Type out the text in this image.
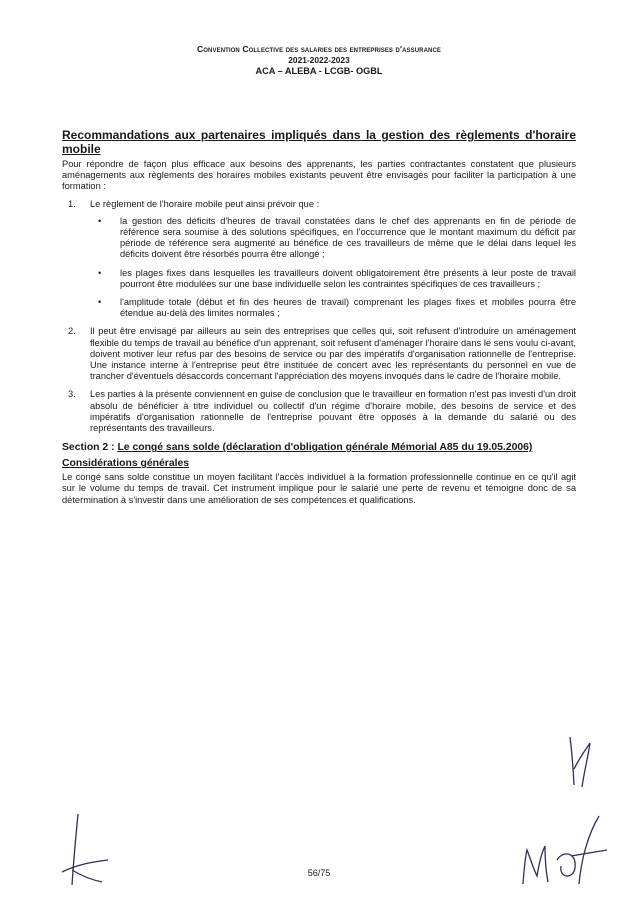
Convention Collective des salaries des entreprises d'assurance
2021-2022-2023
ACA – ALEBA - LCGB- OGBL
Recommandations aux partenaires impliqués dans la gestion des règlements d'horaire mobile

Pour répondre de façon plus efficace aux besoins des apprenants, les parties contractantes constatent que plusieurs aménagements aux règlements des horaires mobiles existants peuvent être envisagés pour faciliter la participation à une formation :

1. Le règlement de l'horaire mobile peut ainsi prévoir que :

• la gestion des déficits d'heures de travail constatées dans le chef des apprenants en fin de période de référence sera soumise à des solutions spécifiques, en l'occurrence que le montant maximum du déficit par période de référence sera augmenté au bénéfice de ces travailleurs de même que le délai dans lequel les déficits doivent être résorbés pourra être allongé ;

• les plages fixes dans lesquelles les travailleurs doivent obligatoirement être présents à leur poste de travail pourront être modulées sur une base individuelle selon les contraintes spécifiques de ces travailleurs ;

• l'amplitude totale (début et fin des heures de travail) comprenant les plages fixes et mobiles pourra être étendue au-delà des limites normales ;

2. Il peut être envisagé par ailleurs au sein des entreprises que celles qui, soit refusent d'introduire un aménagement flexible du temps de travail au bénéfice d'un apprenant, soit refusent d'aménager l'horaire dans le sens voulu ci-avant, doivent motiver leur refus par des besoins de service ou par des impératifs d'organisation rationnelle de l'entreprise. Une instance interne à l'entreprise peut être instituée de concert avec les représentants du personnel en vue de trancher d'éventuels désaccords concernant l'appréciation des moyens invoqués dans le cadre de l'horaire mobile.

3. Les parties à la présente conviennent en guise de conclusion que le travailleur en formation n'est pas investi d'un droit absolu de bénéficier à titre individuel ou collectif d'un régime d'horaire mobile, des besoins de service et des impératifs d'organisation rationnelle de l'entreprise pouvant être opposés à la demande du salarié ou des représentants des travailleurs.

Section 2 : Le congé sans solde (déclaration d'obligation générale Mémorial A85 du 19.05.2006)
Considérations générales

Le congé sans solde constitue un moyen facilitant l'accès individuel à la formation professionnelle continue en ce qu'il agit sur le volume du temps de travail. Cet instrument implique pour le salarié une perte de revenu et témoigne donc de sa détermination à s'investir dans une amélioration de ses compétences et qualifications.

56/75
